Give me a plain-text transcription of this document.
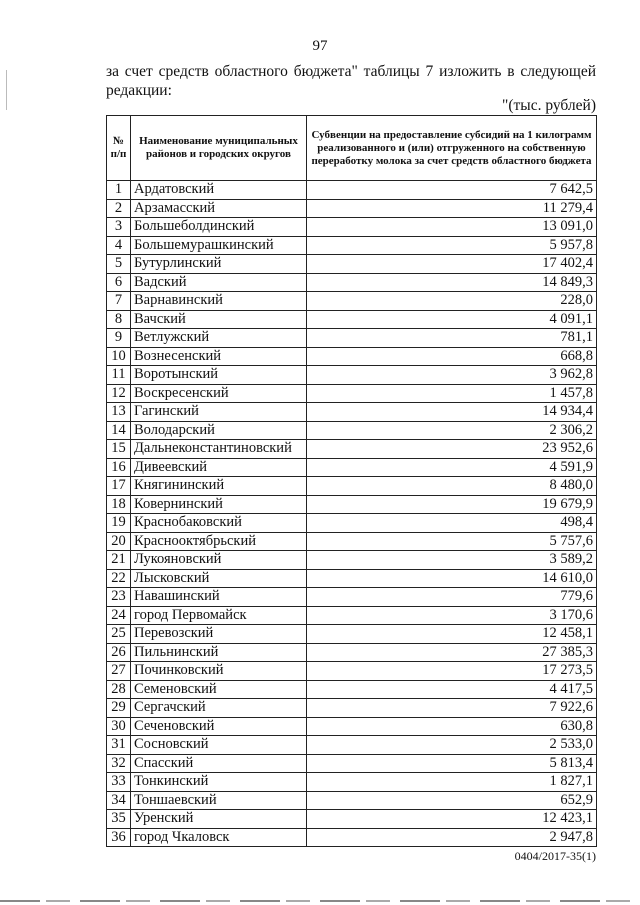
97
за счет средств областного бюджета" таблицы 7 изложить в следующей редакции:
"(тыс. рублей)
№ п/п	Наименование муниципальных районов и городских округов	Субвенции на предоставление субсидий на 1 килограмм реализованного и (или) отгруженного на собственную переработку молока за счет средств областного бюджета
1	Ардатовский	7 642,5
2	Арзамасский	11 279,4
3	Большеболдинский	13 091,0
4	Большемурашкинский	5 957,8
5	Бутурлинский	17 402,4
6	Вадский	14 849,3
7	Варнавинский	228,0
8	Вачский	4 091,1
9	Ветлужский	781,1
10	Вознесенский	668,8
11	Воротынский	3 962,8
12	Воскресенский	1 457,8
13	Гагинский	14 934,4
14	Володарский	2 306,2
15	Дальнеконстантиновский	23 952,6
16	Дивеевский	4 591,9
17	Княгининский	8 480,0
18	Ковернинский	19 679,9
19	Краснобаковский	498,4
20	Краснооктябрьский	5 757,6
21	Лукояновский	3 589,2
22	Лысковский	14 610,0
23	Навашинский	779,6
24	город Первомайск	3 170,6
25	Перевозский	12 458,1
26	Пильнинский	27 385,3
27	Починковский	17 273,5
28	Семеновский	4 417,5
29	Сергачский	7 922,6
30	Сеченовский	630,8
31	Сосновский	2 533,0
32	Спасский	5 813,4
33	Тонкинский	1 827,1
34	Тоншаевский	652,9
35	Уренский	12 423,1
36	город Чкаловск	2 947,8
0404/2017-35(1)
